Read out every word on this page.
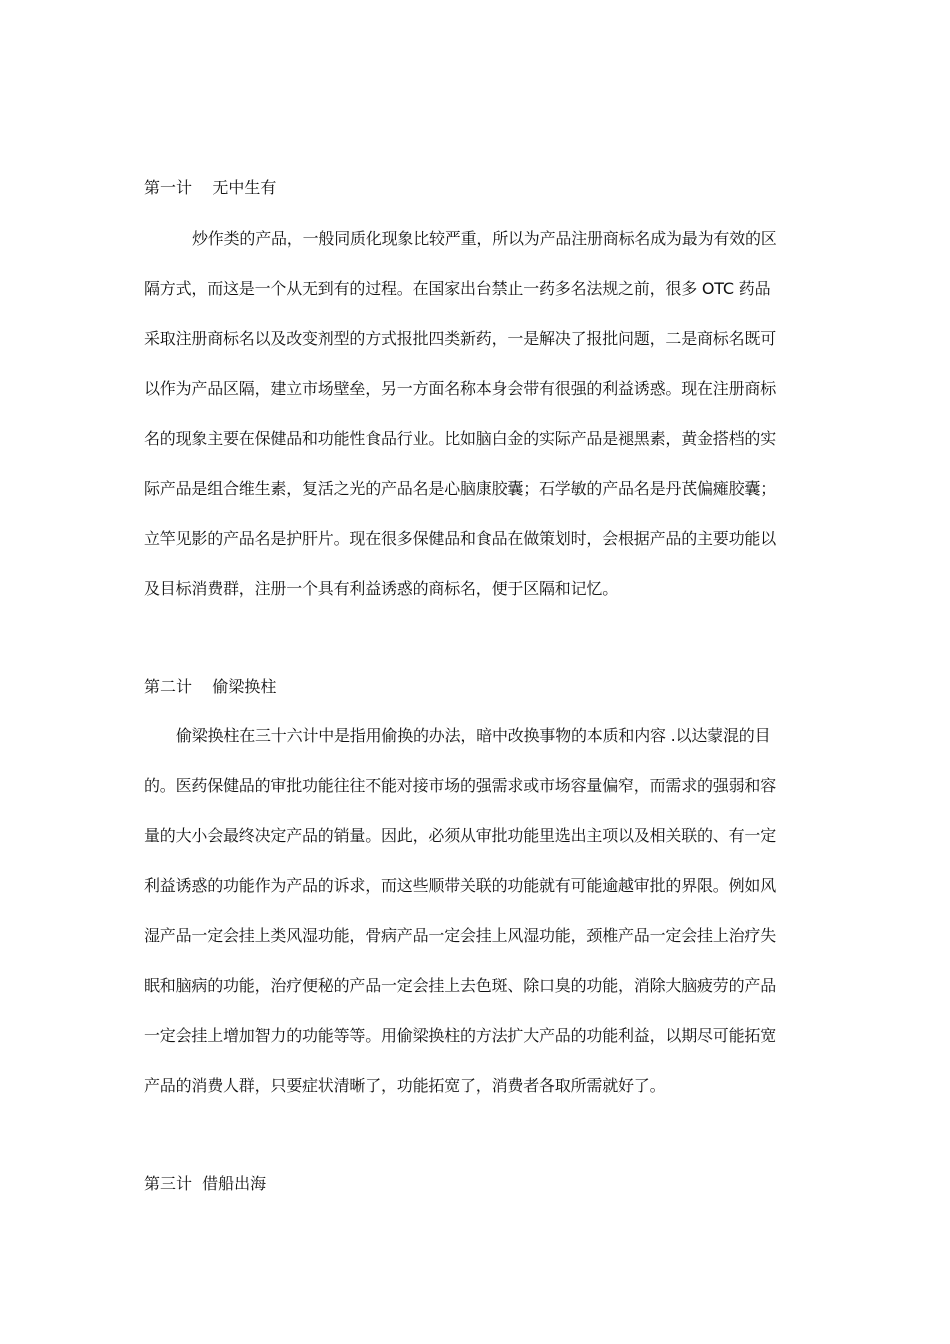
第一计    无中生有
炒作类的产品，一般同质化现象比较严重，所以为产品注册商标名成为最为有效的区
隔方式，而这是一个从无到有的过程。在国家出台禁止一药多名法规之前，很多 OTC 药品
采取注册商标名以及改变剂型的方式报批四类新药，一是解决了报批问题，二是商标名既可
以作为产品区隔，建立市场壁垒，另一方面名称本身会带有很强的利益诱惑。现在注册商标
名的现象主要在保健品和功能性食品行业。比如脑白金的实际产品是褪黑素，黄金搭档的实
际产品是组合维生素，复活之光的产品名是心脑康胶囊；石学敏的产品名是丹芪偏瘫胶囊；
立竿见影的产品名是护肝片。现在很多保健品和食品在做策划时，会根据产品的主要功能以
及目标消费群，注册一个具有利益诱惑的商标名，便于区隔和记忆。
第二计    偷梁换柱
偷梁换柱在三十六计中是指用偷换的办法，暗中改换事物的本质和内容 .以达蒙混的目
的。医药保健品的审批功能往往不能对接市场的强需求或市场容量偏窄，而需求的强弱和容
量的大小会最终决定产品的销量。因此，必须从审批功能里选出主项以及相关联的、有一定
利益诱惑的功能作为产品的诉求，而这些顺带关联的功能就有可能逾越审批的界限。例如风
湿产品一定会挂上类风湿功能，骨病产品一定会挂上风湿功能，颈椎产品一定会挂上治疗失
眠和脑病的功能，治疗便秘的产品一定会挂上去色斑、除口臭的功能，消除大脑疲劳的产品
一定会挂上增加智力的功能等等。用偷梁换柱的方法扩大产品的功能利益，以期尽可能拓宽
产品的消费人群，只要症状清晰了，功能拓宽了，消费者各取所需就好了。
第三计  借船出海
